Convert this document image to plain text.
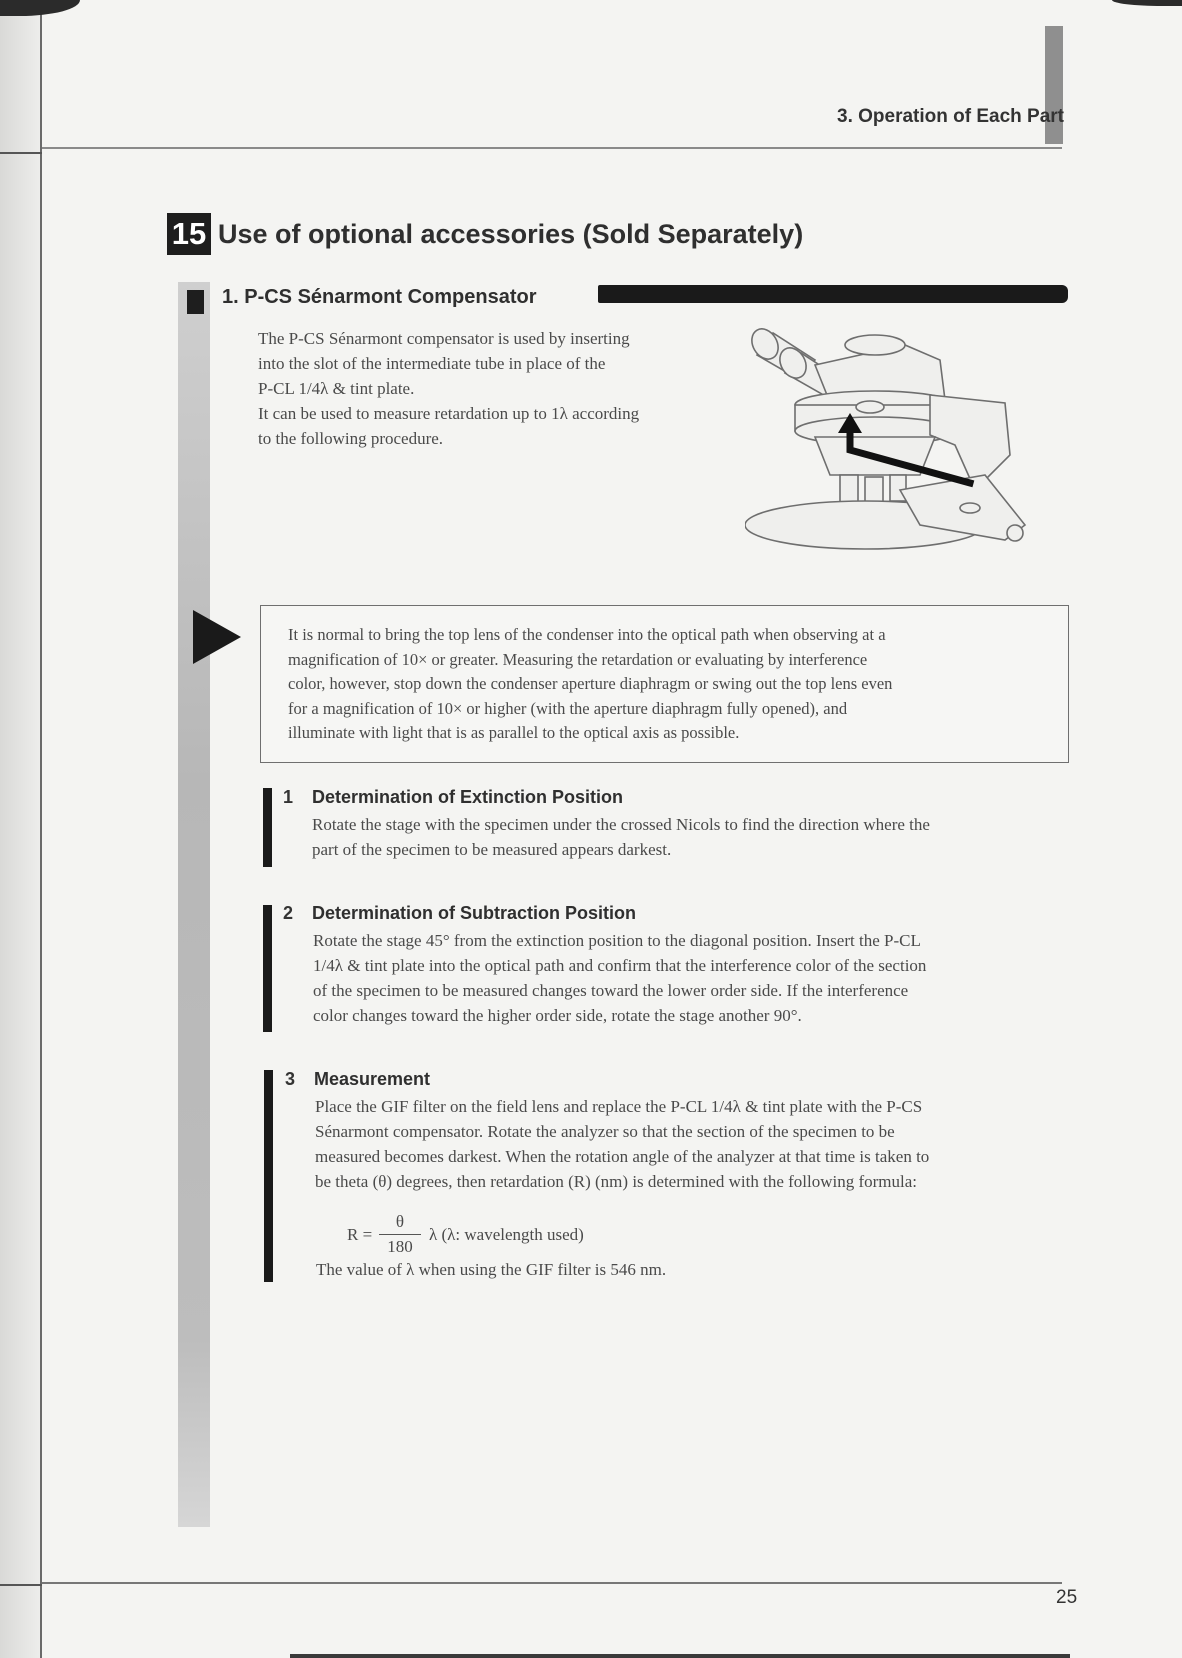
3. Operation of Each Part
15 Use of optional accessories (Sold Separately)
1. P-CS Sénarmont Compensator

The P-CS Sénarmont compensator is used by inserting

into the slot of the intermediate tube in place of the

P-CL 1/4λ & tint plate.

It can be used to measure retardation up to 1λ according

to the following procedure.

It is normal to bring the top lens of the condenser into the optical path when observing at a
magnification of 10× or greater. Measuring the retardation or evaluating by interference
color, however, stop down the condenser aperture diaphragm or swing out the top lens even
for a magnification of 10× or higher (with the aperture diaphragm fully opened), and
illuminate with light that is as parallel to the optical axis as possible.
1 Determination of Extinction Position

Rotate the stage with the specimen under the crossed Nicols to find the direction where the

part of the specimen to be measured appears darkest.

2 Determination of Subtraction Position

Rotate the stage 45° from the extinction position to the diagonal position. Insert the P-CL

1/4λ & tint plate into the optical path and confirm that the interference color of the section

of the specimen to be measured changes toward the lower order side. If the interference

color changes toward the higher order side, rotate the stage another 90°.

3 Measurement

Place the GIF filter on the field lens and replace the P-CL 1/4λ & tint plate with the P-CS

Sénarmont compensator. Rotate the analyzer so that the section of the specimen to be

measured becomes darkest. When the rotation angle of the analyzer at that time is taken to

be theta (θ) degrees, then retardation (R) (nm) is determined with the following formula:

R =
θ
180
λ (λ: wavelength used)
The value of λ when using the GIF filter is 546 nm.
25
